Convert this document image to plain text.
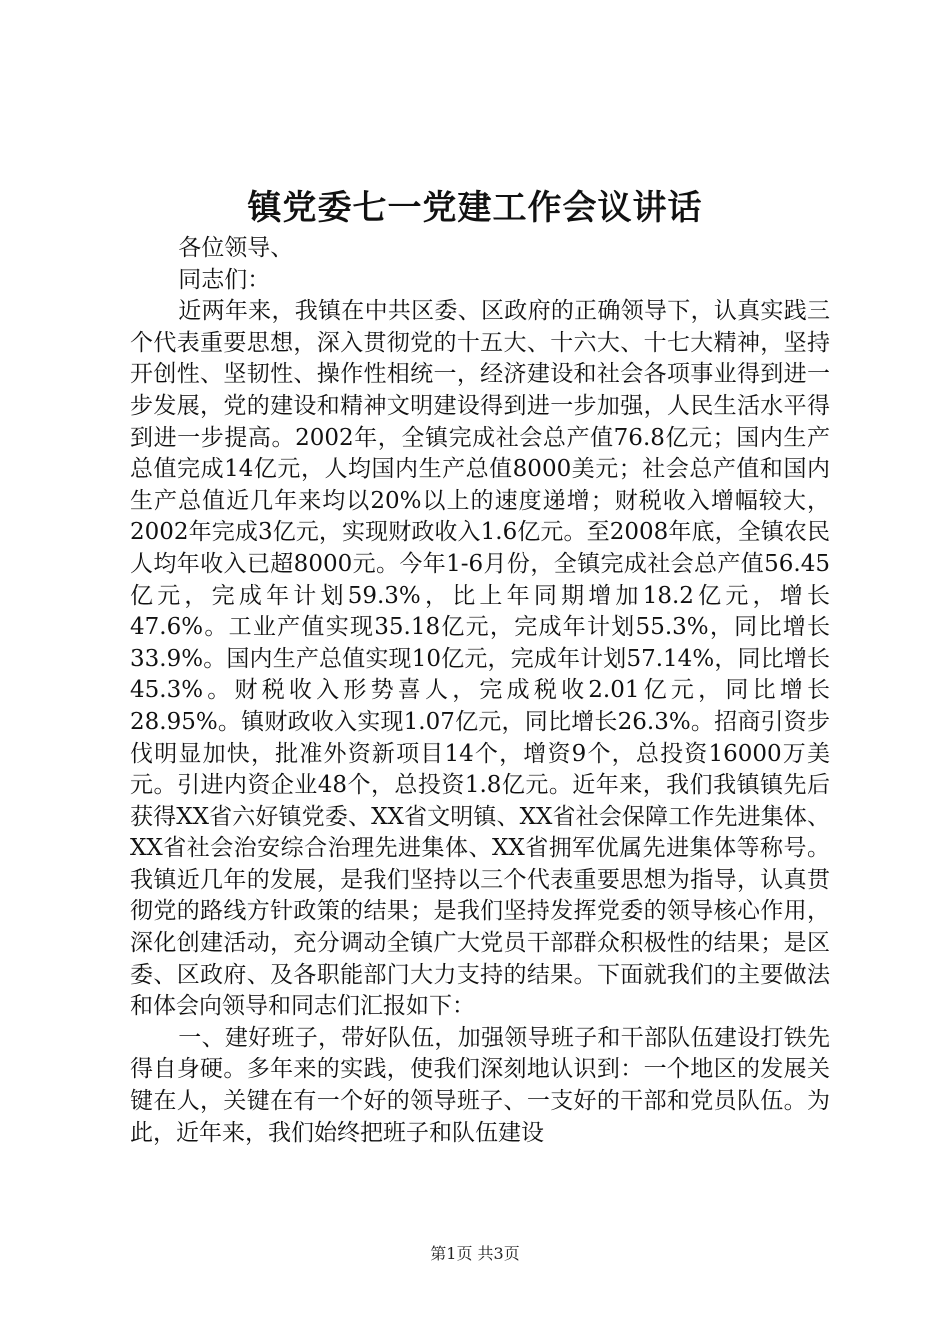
镇党委七一党建工作会议讲话

各位领导、

同志们：

近两年来，我镇在中共区委、区政府的正确领导下，认真实践三个代表重要思想，深入贯彻党的十五大、十六大、十七大精神，坚持开创性、坚韧性、操作性相统一，经济建设和社会各项事业得到进一步发展，党的建设和精神文明建设得到进一步加强，人民生活水平得到进一步提高。2002年，全镇完成社会总产值76.8亿元；国内生产总值完成14亿元，人均国内生产总值8000美元；社会总产值和国内生产总值近几年来均以20%以上的速度递增；财税收入增幅较大，2002年完成3亿元，实现财政收入1.6亿元。至2008年底，全镇农民人均年收入已超8000元。今年1-6月份，全镇完成社会总产值56.45亿元，完成年计划59.3%，比上年同期增加18.2亿元，增长47.6%。工业产值实现35.18亿元，完成年计划55.3%，同比增长33.9%。国内生产总值实现10亿元，完成年计划57.14%，同比增长45.3%。财税收入形势喜人，完成税收2.01亿元，同比增长28.95%。镇财政收入实现1.07亿元，同比增长26.3%。招商引资步伐明显加快，批准外资新项目14个，增资9个，总投资16000万美元。引进内资企业48个，总投资1.8亿元。近年来，我们我镇镇先后获得XX省六好镇党委、XX省文明镇、XX省社会保障工作先进集体、XX省社会治安综合治理先进集体、XX省拥军优属先进集体等称号。我镇近几年的发展，是我们坚持以三个代表重要思想为指导，认真贯彻党的路线方针政策的结果；是我们坚持发挥党委的领导核心作用，深化创建活动，充分调动全镇广大党员干部群众积极性的结果；是区委、区政府、及各职能部门大力支持的结果。下面就我们的主要做法和体会向领导和同志们汇报如下：

一、建好班子，带好队伍，加强领导班子和干部队伍建设打铁先得自身硬。多年来的实践，使我们深刻地认识到：一个地区的发展关键在人，关键在有一个好的领导班子、一支好的干部和党员队伍。为此，近年来，我们始终把班子和队伍建设

第1页 共3页
